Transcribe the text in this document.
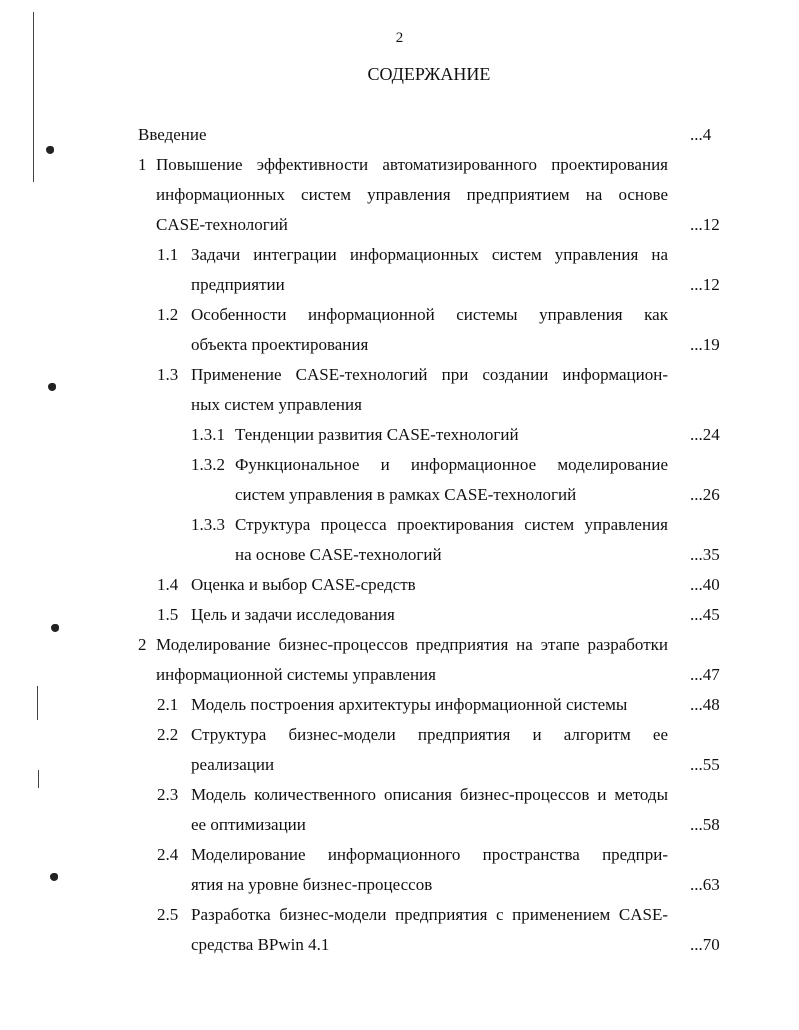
2
СОДЕРЖАНИЕ
Введение	...4
1 Повышение эффективности автоматизированного проектирования
информационных систем управления предприятием на основе
CASE-технологий	...12
1.1 Задачи интеграции информационных систем управления на
предприятии	...12
1.2 Особенности информационной системы управления как
объекта проектирования	...19
1.3 Применение CASE-технологий при создании информацион-
ных систем управления
1.3.1 Тенденции развития CASE-технологий	...24
1.3.2 Функциональное и информационное моделирование
систем управления в рамках CASE-технологий	...26
1.3.3 Структура процесса проектирования систем управления
на основе CASE-технологий	...35
1.4 Оценка и выбор CASE-средств	...40
1.5 Цель и задачи исследования	...45
2 Моделирование бизнес-процессов предприятия на этапе разработки
информационной системы управления	...47
2.1 Модель построения архитектуры информационной системы	...48
2.2 Структура бизнес-модели предприятия и алгоритм ее
реализации	...55
2.3 Модель количественного описания бизнес-процессов и методы
ее оптимизации	...58
2.4 Моделирование информационного пространства предпри-
ятия на уровне бизнес-процессов	...63
2.5 Разработка бизнес-модели предприятия с применением CASE-
средства BPwin 4.1	...70
